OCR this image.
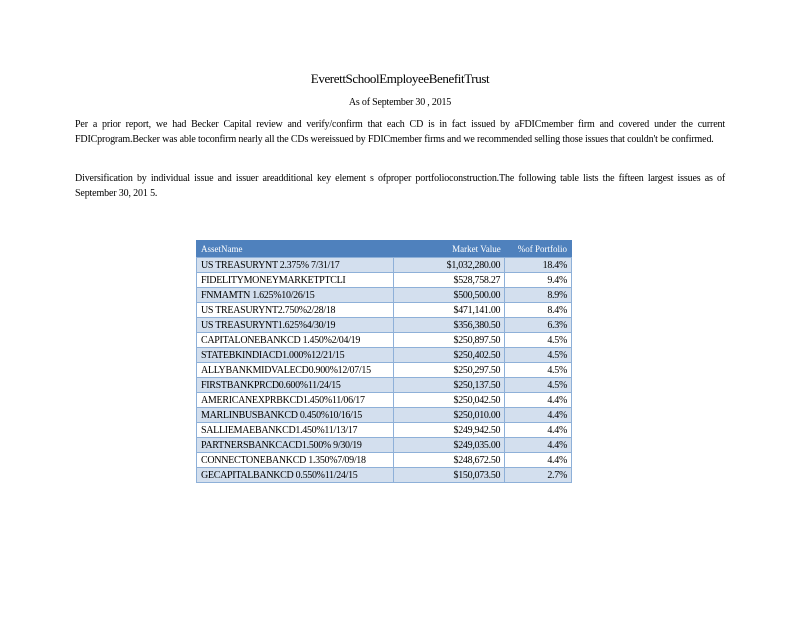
EverettSchoolEmployeeBenefitTrust
As of September 30 , 2015
Per a prior report, we had Becker Capital review and verify/confirm that each CD is in fact issued by aFDICmember firm and covered under the current FDICprogram.Becker was able toconfirm nearly all the CDs wereissued by FDICmember firms and we recommended selling those issues that couldn't be confirmed.
Diversification by individual issue and issuer areadditional key element s ofproper portfolioconstruction.The following table lists the fifteen largest issues as of September 30, 201 5.
AssetName	Market Value	%of Portfolio
US TREASURYNT 2.375% 7/31/17	$1,032,280.00	18.4%
FIDELITYMONEYMARKETPTCLI	$528,758.27	9.4%
FNMAMTN 1.625%10/26/15	$500,500.00	8.9%
US TREASURYNT2.750%2/28/18	$471,141.00	8.4%
US TREASURYNT1.625%4/30/19	$356,380.50	6.3%
CAPITALONEBANKCD 1.450%2/04/19	$250,897.50	4.5%
STATEBKINDIACD1.000%12/21/15	$250,402.50	4.5%
ALLYBANKMIDVALECD0.900%12/07/15	$250,297.50	4.5%
FIRSTBANKPRCD0.600%11/24/15	$250,137.50	4.5%
AMERICANEXPRBKCD1.450%11/06/17	$250,042.50	4.4%
MARLINBUSBANKCD 0.450%10/16/15	$250,010.00	4.4%
SALLIEMAEBANKCD1.450%11/13/17	$249,942.50	4.4%
PARTNERSBANKCACD1.500% 9/30/19	$249,035.00	4.4%
CONNECTONEBANKCD 1.350%7/09/18	$248,672.50	4.4%
GECAPITALBANKCD 0.550%11/24/15	$150,073.50	2.7%
